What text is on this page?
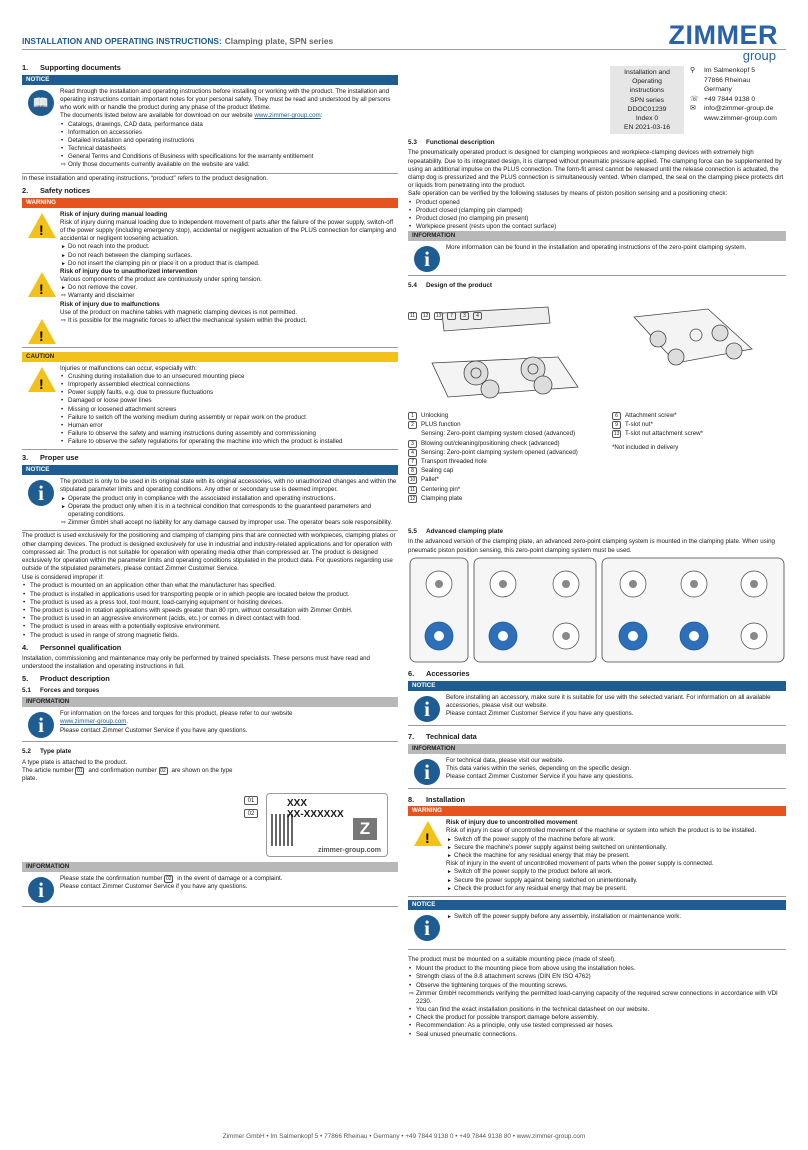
INSTALLATION AND OPERATING INSTRUCTIONS: Clamping plate, SPN series	ZIMMER
group
Installation and
Operating
instructions
SPN series
DDOC01239
Index 0
EN 2021-03-16
⚲	Im Salmenkopf 5
77866 Rheinau
Germany
☏ +49 7844 9138 0
✉	info@zimmer-group.de
www.zimmer-group.com
1. Supporting documents
NOTICE
📖
Read through the installation and operating instructions before installing or working with the product. The installation and operating instructions contain important notes for your personal safety. They must be read and understood by all persons who work with or handle the product during any phase of the product lifetime.
The documents listed below are available for download on our website www.zimmer-group.com:
• Catalogs, drawings, CAD data, performance data
• Information on accessories
• Detailed installation and operating instructions
• Technical datasheets
• General Terms and Conditions of Business with specifications for the warranty entitlement
⇨ Only those documents currently available on the website are valid.
In these installation and operating instructions, “product” refers to the product designation.
2. Safety notices
WARNING
!
!
!
Risk of injury during manual loading
Risk of injury during manual loading due to independent movement of parts after the failure of the power supply, switch-off of the power supply (including emergency stop), accidental or negligent actuation of the PLUS connection for clamping and accidental or negligent loosening actuation.
► Do not reach into the product.
► Do not reach between the clamping surfaces.
► Do not insert the clamping pin or place it on a product that is clamped.
Risk of injury due to unauthorized intervention
Various components of the product are continuously under spring tension.
► Do not remove the cover.
⇨ Warranty and disclaimer
Risk of injury due to malfunctions
Use of the product on machine tables with magnetic clamping devices is not permitted.
⇨ It is possible for the magnetic forces to affect the mechanical system within the product.
CAUTION
!
Injuries or malfunctions can occur, especially with:
• Crushing during installation due to an unsecured mounting piece
• Improperly assembled electrical connections
• Power supply faults, e.g. due to pressure fluctuations
• Damaged or loose power lines
• Missing or loosened attachment screws
• Failure to switch off the working medium during assembly or repair work on the product
• Human error
• Failure to observe the safety and warning instructions during assembly and commissioning
• Failure to observe the safety regulations for operating the machine into which the product is installed
3. Proper use
NOTICE
i	The product is only to be used in its original state with its original accessories, with no unauthorized changes and within the stipulated parameter limits and operating conditions. Any other or secondary use is deemed improper.
► Operate the product only in compliance with the associated installation and operating instructions.
► Operate the product only when it is in a technical condition that corresponds to the guaranteed parameters and operating conditions.
⇨ Zimmer GmbH shall accept no liability for any damage caused by improper use. The operator bears sole responsibility.
The product is used exclusively for the positioning and clamping of clamping pins that are connected with workpieces, clamping plates or other clamping devices. The product is designed exclusively for use in industrial and industry-related applications and for operation with compressed air. The product is not suitable for operation with operating media other than compressed air. The product is designed exclusively for operation within the parameter limits and operating conditions stipulated in the product data. For questions regarding use outside of the stipulated parameters, please contact Zimmer Customer Service.
Use is considered improper if:
• The product is mounted on an application other than what the manufacturer has specified.
• The product is installed in applications used for transporting people or in which people are located below the product.
• The product is used as a press tool, tool mount, load-carrying equipment or hoisting devices.
• The product is used in rotation applications with speeds greater than 80 rpm, without consultation with Zimmer GmbH.
• The product is used in an aggressive environment (acids, etc.) or comes in direct contact with food.
• The product is used in areas with a potentially explosive environment.
• The product is used in range of strong magnetic fields.
4. Personnel qualification
Installation, commissioning and maintenance may only be performed by trained specialists. These persons must have read and understood the installation and operating instructions in full.
5. Product description
5.1 Forces and torques
INFORMATION
i	For information on the forces and torques for this product, please refer to our website
www.zimmer-group.com.
Please contact Zimmer Customer Service if you have any questions.
5.2 Type plate
A type plate is attached to the product.
The article number 01 and confirmation number 02 are shown on the type plate.
01
02
XXX
XX-XXXXXX
Z
zimmer-group.com
INFORMATION
i	Please state the confirmation number 02 in the event of damage or a complaint.
Please contact Zimmer Customer Service if you have any questions.
5.3 Functional description
The pneumatically operated product is designed for clamping workpieces and workpiece-clamping devices with extremely high repeatability. Due to its integrated design, it is clamped without pneumatic pressure applied. The clamping force can be supplemented by using an additional impulse on the PLUS connection. The form-fit arrest cannot be released until the release connection is actuated, the clamp dog is pressurized and the PLUS connection is simultaneously vented. When clamped, the seal on the clamping piece protects dirt or liquids from penetrating into the product.
Safe operation can be verified by the following statuses by means of piston position sensing and a positioning check:
• Product opened
• Product closed (clamping pin clamped)
• Product closed (no clamping pin present)
• Workpiece present (rests upon the contact surface)
INFORMATION
i	More information can be found in the installation and operating instructions of the zero-point clamping system.
5.4 Design of the product
11 12 13 7 3 4
1	Unlocking
2	PLUS function
Sensing: Zero-point clamping system closed (advanced)
3	Blowing out/cleaning/positioning check (advanced)
4	Sensing: Zero-point clamping system opened (advanced)
7	Transport threaded hole
8	Sealing cap
10 Pallet*
11 Centering pin*
12 Clamping plate
6	Attachment screw*
9	T-slot nut*
13 T-slot nut attachment screw*
*Not included in delivery
5.5 Advanced clamping plate
In the advanced version of the clamping plate, an advanced zero-point clamping system is mounted in the clamping plate. When using pneumatic piston position sensing, this zero-point clamping system must be used.
6. Accessories
NOTICE
i	Before installing an accessory, make sure it is suitable for use with the selected variant. For information on all available accessories, please visit our website.
Please contact Zimmer Customer Service if you have any questions.
7. Technical data
INFORMATION
i	For technical data, please visit our website.
This data varies within the series, depending on the specific design.
Please contact Zimmer Customer Service if you have any questions.
8. Installation
WARNING
!
Risk of injury due to uncontrolled movement
Risk of injury in case of uncontrolled movement of the machine or system into which the product is to be installed.
► Switch off the power supply of the machine before all work.
► Secure the machine's power supply against being switched on unintentionally.
► Check the machine for any residual energy that may be present.
Risk of injury in the event of uncontrolled movement of parts when the power supply is connected.
► Switch off the power supply to the product before all work.
► Secure the power supply against being switched on unintentionally.
► Check the product for any residual energy that may be present.
NOTICE
i
►	Switch off the power supply before any assembly, installation or maintenance work.
The product must be mounted on a suitable mounting piece (made of steel).
• Mount the product to the mounting piece from above using the installation holes.
• Strength class of the 8.8 attachment screws (DIN EN ISO 4762)
• Observe the tightening torques of the mounting screws.
⇨ Zimmer GmbH recommends verifying the permitted load-carrying capacity of the required screw connections in accordance with VDI 2230.
• You can find the exact installation positions in the technical datasheet on our website.
• Check the product for possible transport damage before assembly.
• Recommendation: As a principle, only use tested compressed air hoses.
• Seal unused pneumatic connections.
Zimmer GmbH • Im Salmenkopf 5 • 77866 Rheinau • Germany • +49 7844 9138 0 • +49 7844 9138 80 • www.zimmer-group.com
